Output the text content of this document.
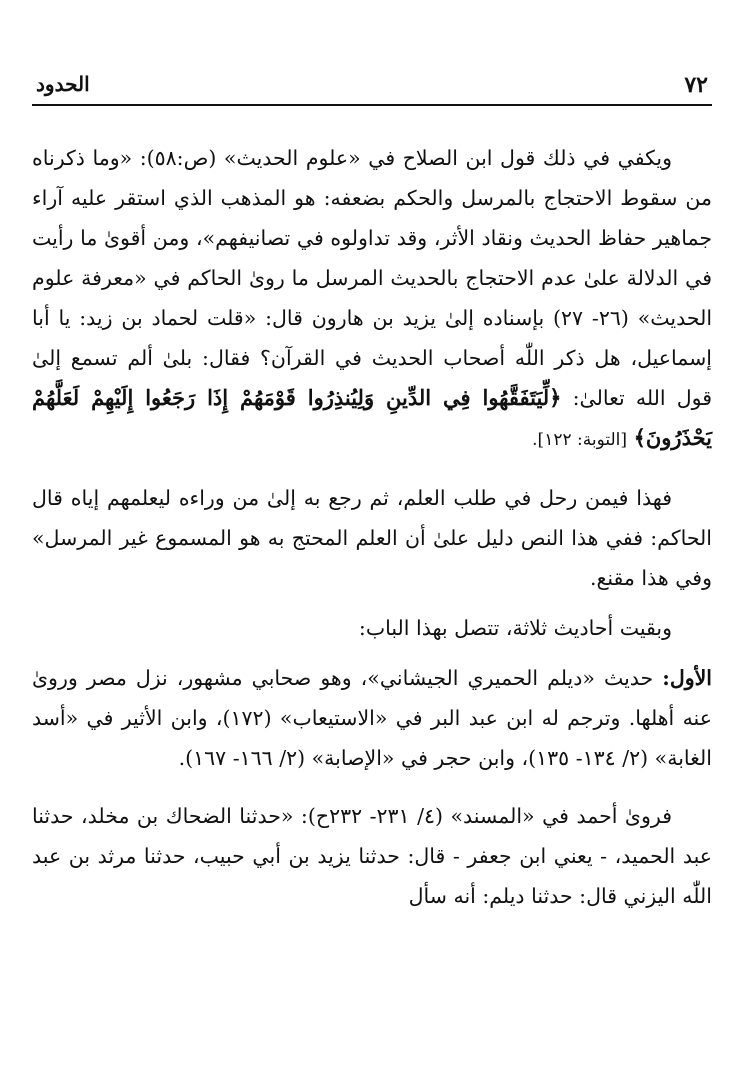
٧٢
الحدود

ويكفي في ذلك قول ابن الصلاح في «علوم الحديث» (ص:٥٨): «وما ذكرناه من سقوط الاحتجاج بالمرسل والحكم بضعفه: هو المذهب الذي استقر عليه آراء جماهير حفاظ الحديث ونقاد الأثر، وقد تداولوه في تصانيفهم»، ومن أقوىٰ ما رأيت في الدلالة علىٰ عدم الاحتجاج بالحديث المرسل ما روىٰ الحاكم في «معرفة علوم الحديث» (٢٦- ٢٧) بإسناده إلىٰ يزيد بن هارون قال: «قلت لحماد بن زيد: يا أبا إسماعيل، هل ذكر اللّٰه أصحاب الحديث في القرآن؟ فقال: بلىٰ ألم تسمع إلىٰ قول الله تعالىٰ: ﴿لِّيَتَفَقَّهُوا فِي الدِّينِ وَلِيُنذِرُوا قَوْمَهُمْ إِذَا رَجَعُوا إِلَيْهِمْ لَعَلَّهُمْ يَحْذَرُونَ﴾ [التوبة: ١٢٢].

فهذا فيمن رحل في طلب العلم، ثم رجع به إلىٰ من وراءه ليعلمهم إياه قال الحاكم: ففي هذا النص دليل علىٰ أن العلم المحتج به هو المسموع غير المرسل» وفي هذا مقنع.

وبقيت أحاديث ثلاثة، تتصل بهذا الباب:

الأول: حديث «ديلم الحميري الجيشاني»، وهو صحابي مشهور، نزل مصر وروىٰ عنه أهلها. وترجم له ابن عبد البر في «الاستيعاب» (١٧٢)، وابن الأثير في «أسد الغابة» (٢/ ١٣٤- ١٣٥)، وابن حجر في «الإصابة» (٢/ ١٦٦- ١٦٧).

فروىٰ أحمد في «المسند» (٤/ ٢٣١- ٢٣٢ح): «حدثنا الضحاك بن مخلد، حدثنا عبد الحميد، - يعني ابن جعفر - قال: حدثنا يزيد بن أبي حبيب، حدثنا مرثد بن عبد اللّٰه اليزني قال: حدثنا ديلم: أنه سأل
